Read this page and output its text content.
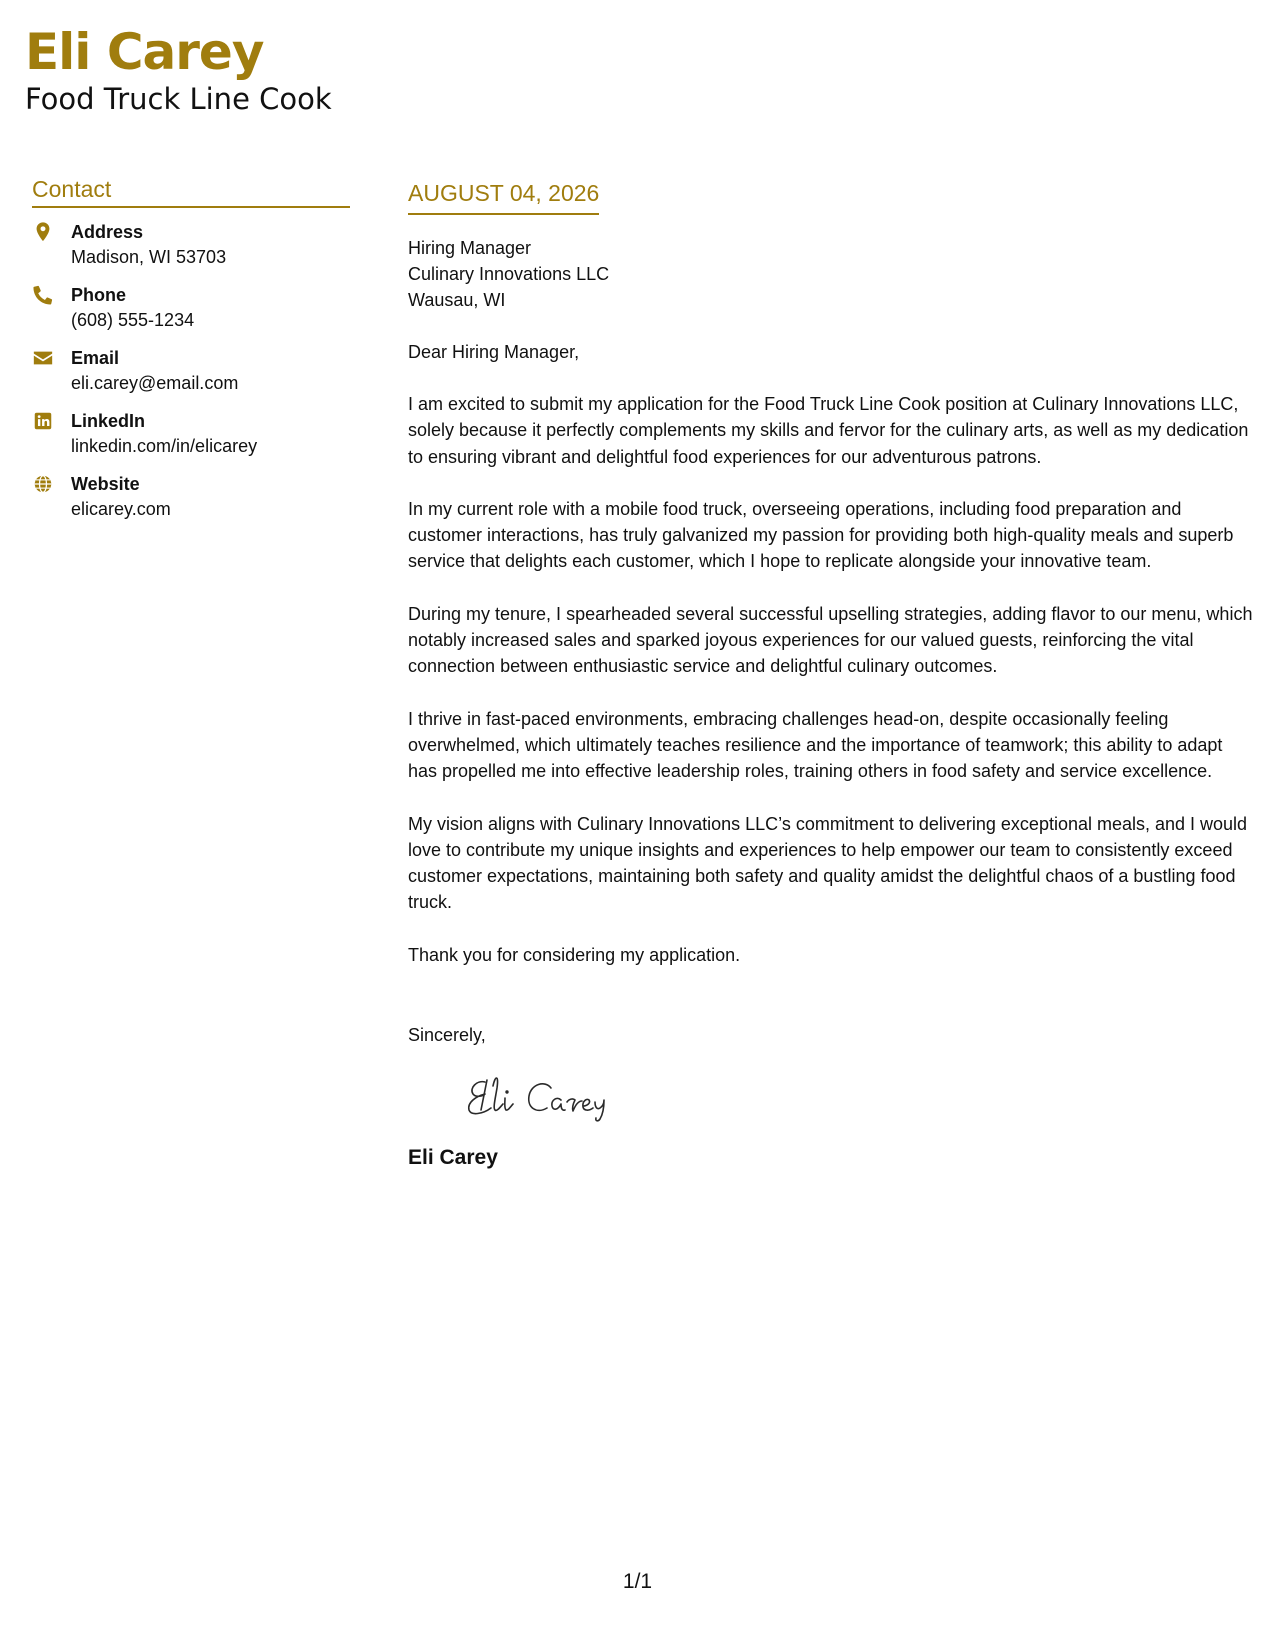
Eli Carey
Food Truck Line Cook
Contact
Address
Madison, WI 53703
Phone
(608) 555-1234
Email
eli.carey@email.com
LinkedIn
linkedin.com/in/elicarey
Website
elicarey.com
AUGUST 04, 2026
Hiring Manager
Culinary Innovations LLC
Wausau, WI
Dear Hiring Manager,
I am excited to submit my application for the Food Truck Line Cook position at Culinary Innovations LLC, solely because it perfectly complements my skills and fervor for the culinary arts, as well as my dedication to ensuring vibrant and delightful food experiences for our adventurous patrons.
In my current role with a mobile food truck, overseeing operations, including food preparation and customer interactions, has truly galvanized my passion for providing both high-quality meals and superb service that delights each customer, which I hope to replicate alongside your innovative team.
During my tenure, I spearheaded several successful upselling strategies, adding flavor to our menu, which notably increased sales and sparked joyous experiences for our valued guests, reinforcing the vital connection between enthusiastic service and delightful culinary outcomes.
I thrive in fast-paced environments, embracing challenges head-on, despite occasionally feeling overwhelmed, which ultimately teaches resilience and the importance of teamwork; this ability to adapt has propelled me into effective leadership roles, training others in food safety and service excellence.
My vision aligns with Culinary Innovations LLC’s commitment to delivering exceptional meals, and I would love to contribute my unique insights and experiences to help empower our team to consistently exceed customer expectations, maintaining both safety and quality amidst the delightful chaos of a bustling food truck.
Thank you for considering my application.
Sincerely,
Eli Carey
1/1
